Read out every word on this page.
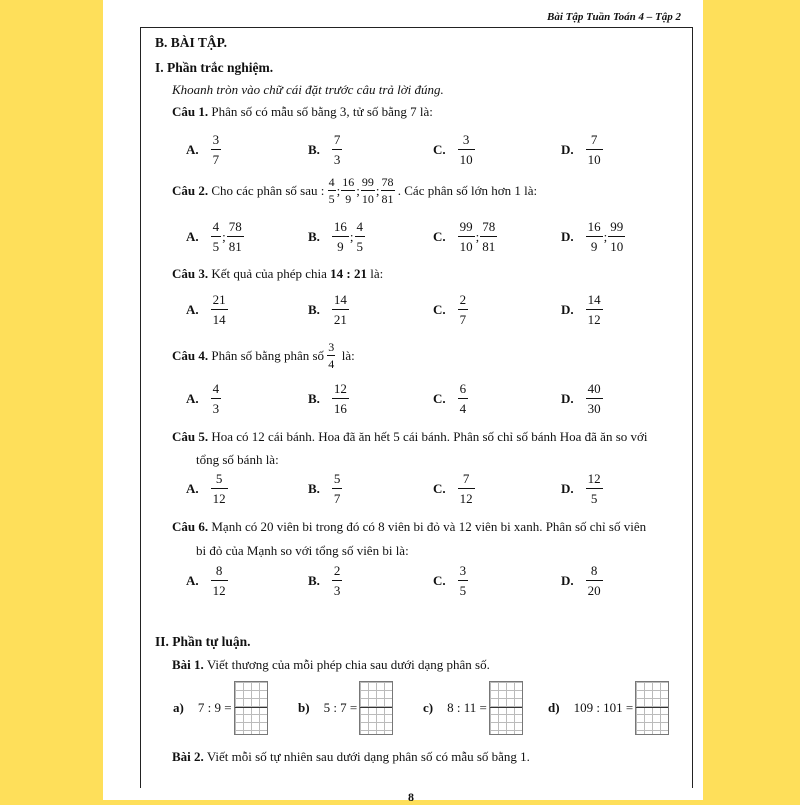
Bài Tập Tuần Toán 4 – Tập 2
B. BÀI TẬP.
I. Phần trắc nghiệm.
Khoanh tròn vào chữ cái đặt trước câu trả lời đúng.
Câu 1. Phân số có mẫu số bằng 3, tử số bằng 7 là:
A. $\frac{3}{7}$	B. $\frac{7}{3}$	C. $\frac{3}{10}$	D. $\frac{7}{10}$
Câu 2.
Cho các phân số sau :
$\frac{4}{5}$ ; $\frac{16}{9}$ ; $\frac{99}{10}$ ; $\frac{78}{81}$
. Các phân số lớn hơn 1 là:
A. $\frac{4}{5}$ ; $\frac{78}{81}$	B. $\frac{16}{9}$ ; $\frac{4}{5}$	C. $\frac{99}{10}$ ; $\frac{78}{81}$	D. $\frac{16}{9}$ ; $\frac{99}{10}$
Câu 3. Kết quả của phép chia 14 : 21 là:
A. $\frac{21}{14}$	B. $\frac{14}{21}$	C. $\frac{2}{7}$	D. $\frac{14}{12}$
Câu 4.
Phân số bằng phân số
$\frac{3}{4}$
là:
A. $\frac{4}{3}$	B. $\frac{12}{16}$	C. $\frac{6}{4}$	D. $\frac{40}{30}$
Câu 5. Hoa có 12 cái bánh. Hoa đã ăn hết 5 cái bánh. Phân số chỉ số bánh Hoa đã ăn so với
tổng số bánh là:
A. $\frac{5}{12}$	B. $\frac{5}{7}$	C. $\frac{7}{12}$	D. $\frac{12}{5}$
Câu 6. Mạnh có 20 viên bi trong đó có 8 viên bi đỏ và 12 viên bi xanh. Phân số chỉ số viên
bi đỏ của Mạnh so với tổng số viên bi là:
A. $\frac{8}{12}$	B. $\frac{2}{3}$	C. $\frac{3}{5}$	D. $\frac{8}{20}$
II. Phần tự luận.
Bài 1. Viết thương của mỗi phép chia sau dưới dạng phân số.
a) 7 : 9 =	b) 5 : 7 =	c) 8 : 11 =	d) 109 : 101 =
Bài 2. Viết mỗi số tự nhiên sau dưới dạng phân số có mẫu số bằng 1.
8
